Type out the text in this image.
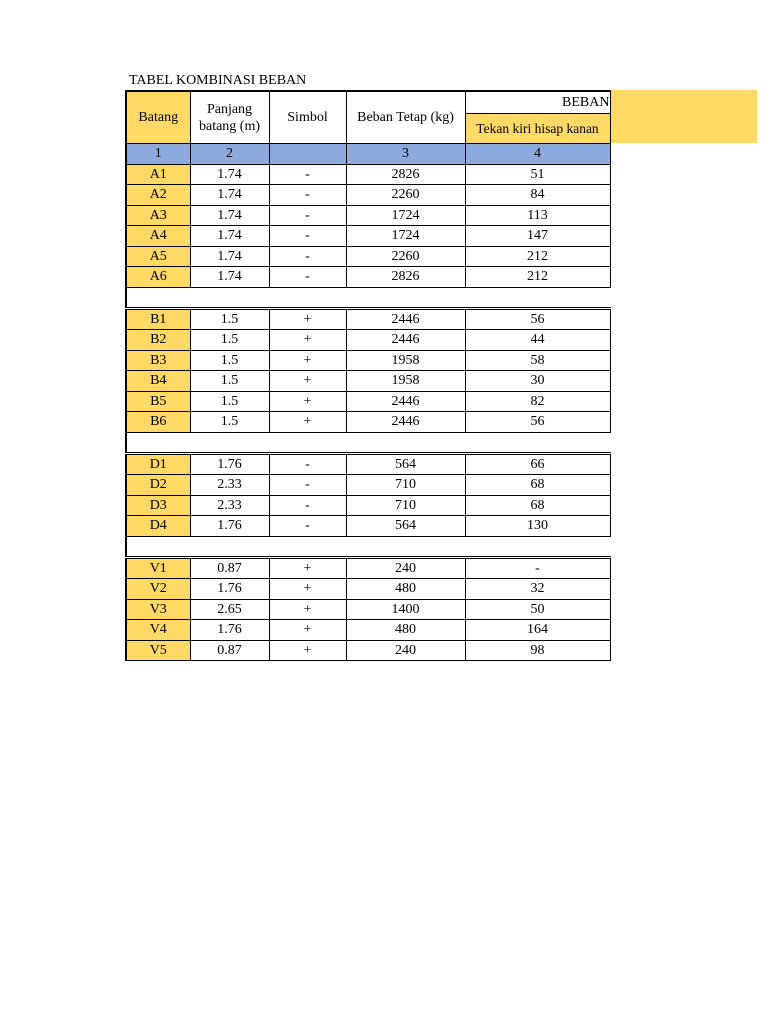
TABEL KOMBINASI BEBAN
Batang	Panjang batang (m)	Simbol	Beban Tetap (kg)	BEBAN
				Tekan kiri hisap kanan
1	2		3	4
A1	1.74	-	2826	51
A2	1.74	-	2260	84
A3	1.74	-	1724	113
A4	1.74	-	1724	147
A5	1.74	-	2260	212
A6	1.74	-	2826	212

B1	1.5	+	2446	56
B2	1.5	+	2446	44
B3	1.5	+	1958	58
B4	1.5	+	1958	30
B5	1.5	+	2446	82
B6	1.5	+	2446	56

D1	1.76	-	564	66
D2	2.33	-	710	68
D3	2.33	-	710	68
D4	1.76	-	564	130

V1	0.87	+	240	-
V2	1.76	+	480	32
V3	2.65	+	1400	50
V4	1.76	+	480	164
V5	0.87	+	240	98
